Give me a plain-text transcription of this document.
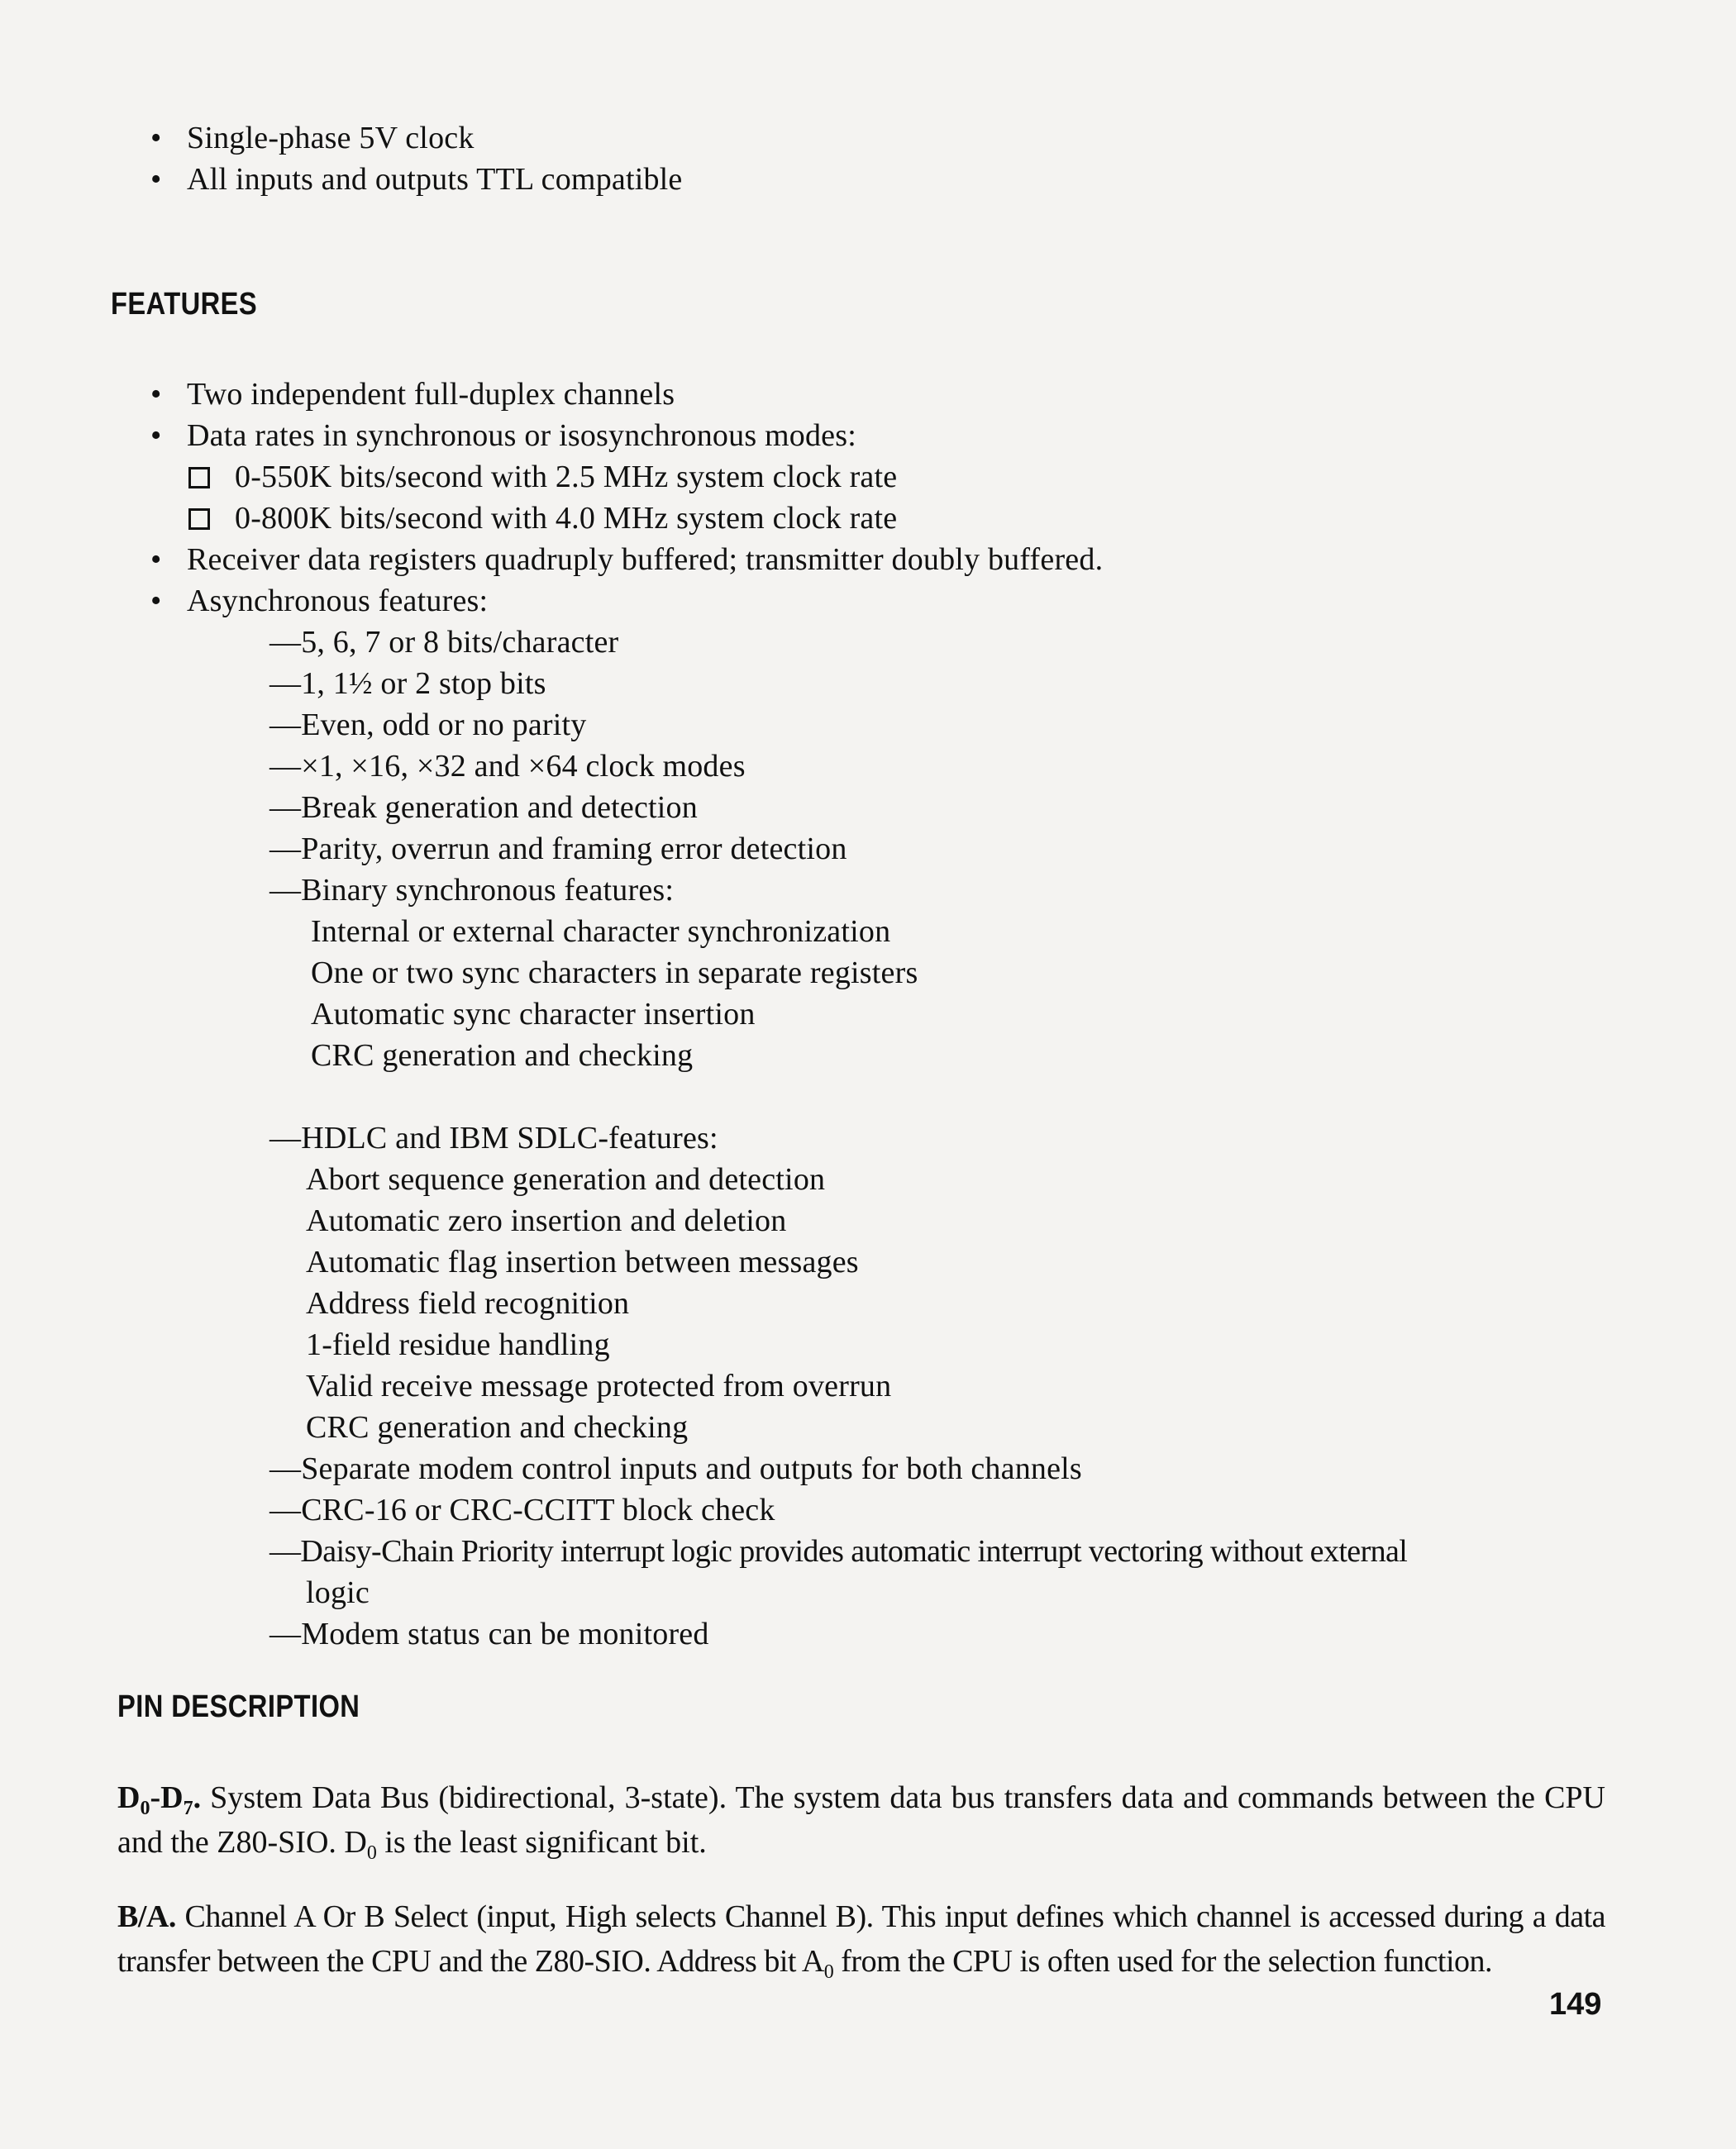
• Single-phase 5V clock
• All inputs and outputs TTL compatible
FEATURES
• Two independent full-duplex channels
• Data rates in synchronous or isosynchronous modes:
0-550K bits/second with 2.5 MHz system clock rate
0-800K bits/second with 4.0 MHz system clock rate
• Receiver data registers quadruply buffered; transmitter doubly buffered.
• Asynchronous features:
—5, 6, 7 or 8 bits/character
—1, 1½ or 2 stop bits
—Even, odd or no parity
—×1, ×16, ×32 and ×64 clock modes
—Break generation and detection
—Parity, overrun and framing error detection
—Binary synchronous features:
Internal or external character synchronization
One or two sync characters in separate registers
Automatic sync character insertion
CRC generation and checking
—HDLC and IBM SDLC-features:
Abort sequence generation and detection
Automatic zero insertion and deletion
Automatic flag insertion between messages
Address field recognition
1-field residue handling
Valid receive message protected from overrun
CRC generation and checking
—Separate modem control inputs and outputs for both channels
—CRC-16 or CRC-CCITT block check
—Daisy-Chain Priority interrupt logic provides automatic interrupt vectoring without external
logic
—Modem status can be monitored
PIN DESCRIPTION

$D_0-D_7$. System Data Bus (bidirectional, 3-state). The system data bus transfers data and commands between the CPU and the Z80-SIO. $D_0$ is the least significant bit.

B/A. Channel A Or B Select (input, High selects Channel B). This input defines which channel is accessed during a data transfer between the CPU and the Z80-SIO. Address bit $A_0$ from the CPU is often used for the selection function.

149
